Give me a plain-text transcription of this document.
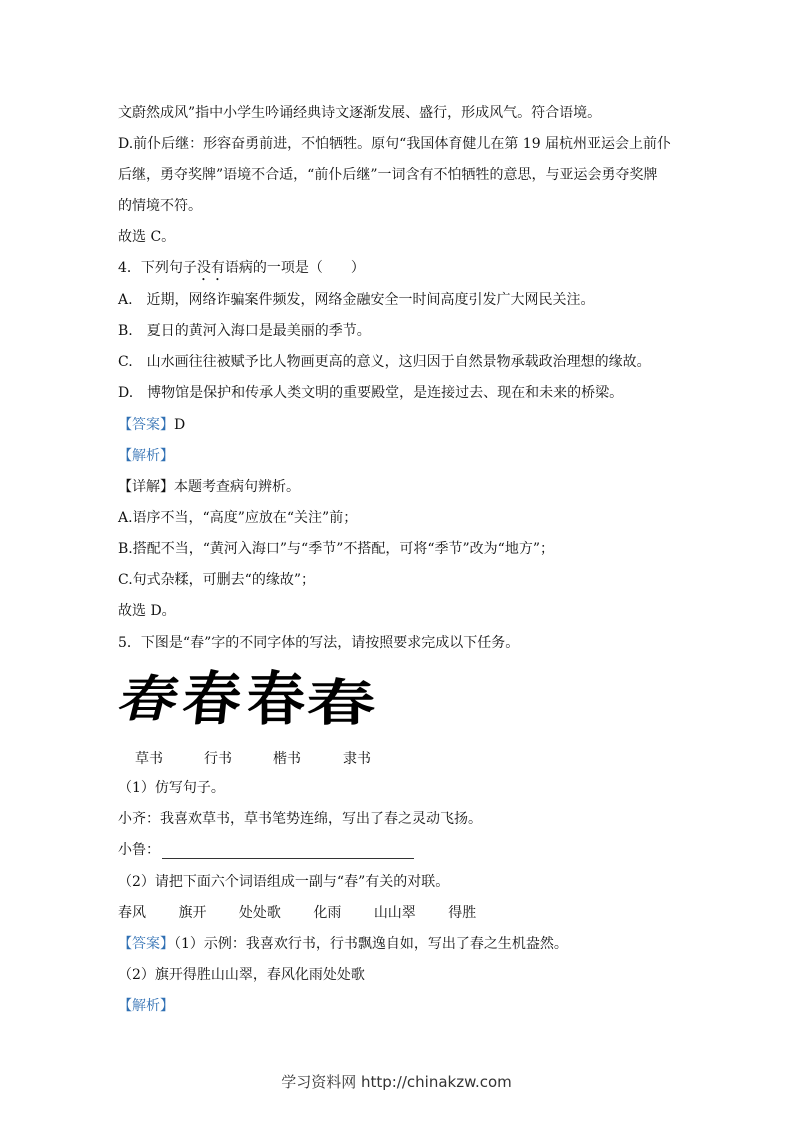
文蔚然成风”指中小学生吟诵经典诗文逐渐发展、盛行，形成风气。符合语境。
D.前仆后继：形容奋勇前进，不怕牺牲。原句“我国体育健儿在第 19 届杭州亚运会上前仆
后继，勇夺奖牌”语境不合适，“前仆后继”一词含有不怕牺牲的意思，与亚运会勇夺奖牌
的情境不符。
故选 C。
4．下列句子没有语病的一项是（　　）
A.　近期，网络诈骗案件频发，网络金融安全一时间高度引发广大网民关注。
B.　夏日的黄河入海口是最美丽的季节。
C.　山水画往往被赋予比人物画更高的意义，这归因于自然景物承载政治理想的缘故。
D.　博物馆是保护和传承人类文明的重要殿堂，是连接过去、现在和未来的桥梁。
【答案】D
【解析】
【详解】本题考查病句辨析。
A.语序不当，“高度”应放在“关注”前；
B.搭配不当，“黄河入海口”与“季节”不搭配，可将“季节”改为“地方”；
C.句式杂糅，可删去“的缘故”；
故选 D。
5．下图是“春”字的不同字体的写法，请按照要求完成以下任务。
春
春 春 春
草书	行书	楷书	隶书
（1）仿写句子。
小齐：我喜欢草书，草书笔势连绵，写出了春之灵动飞扬。
小鲁：
（2）请把下面六个词语组成一副与“春”有关的对联。
春风 旗开 处处歌 化雨 山山翠 得胜
【答案】（1）示例：我喜欢行书，行书飘逸自如，写出了春之生机盎然。
（2）旗开得胜山山翠，春风化雨处处歌
【解析】
学习资料网 http://chinakzw.com
